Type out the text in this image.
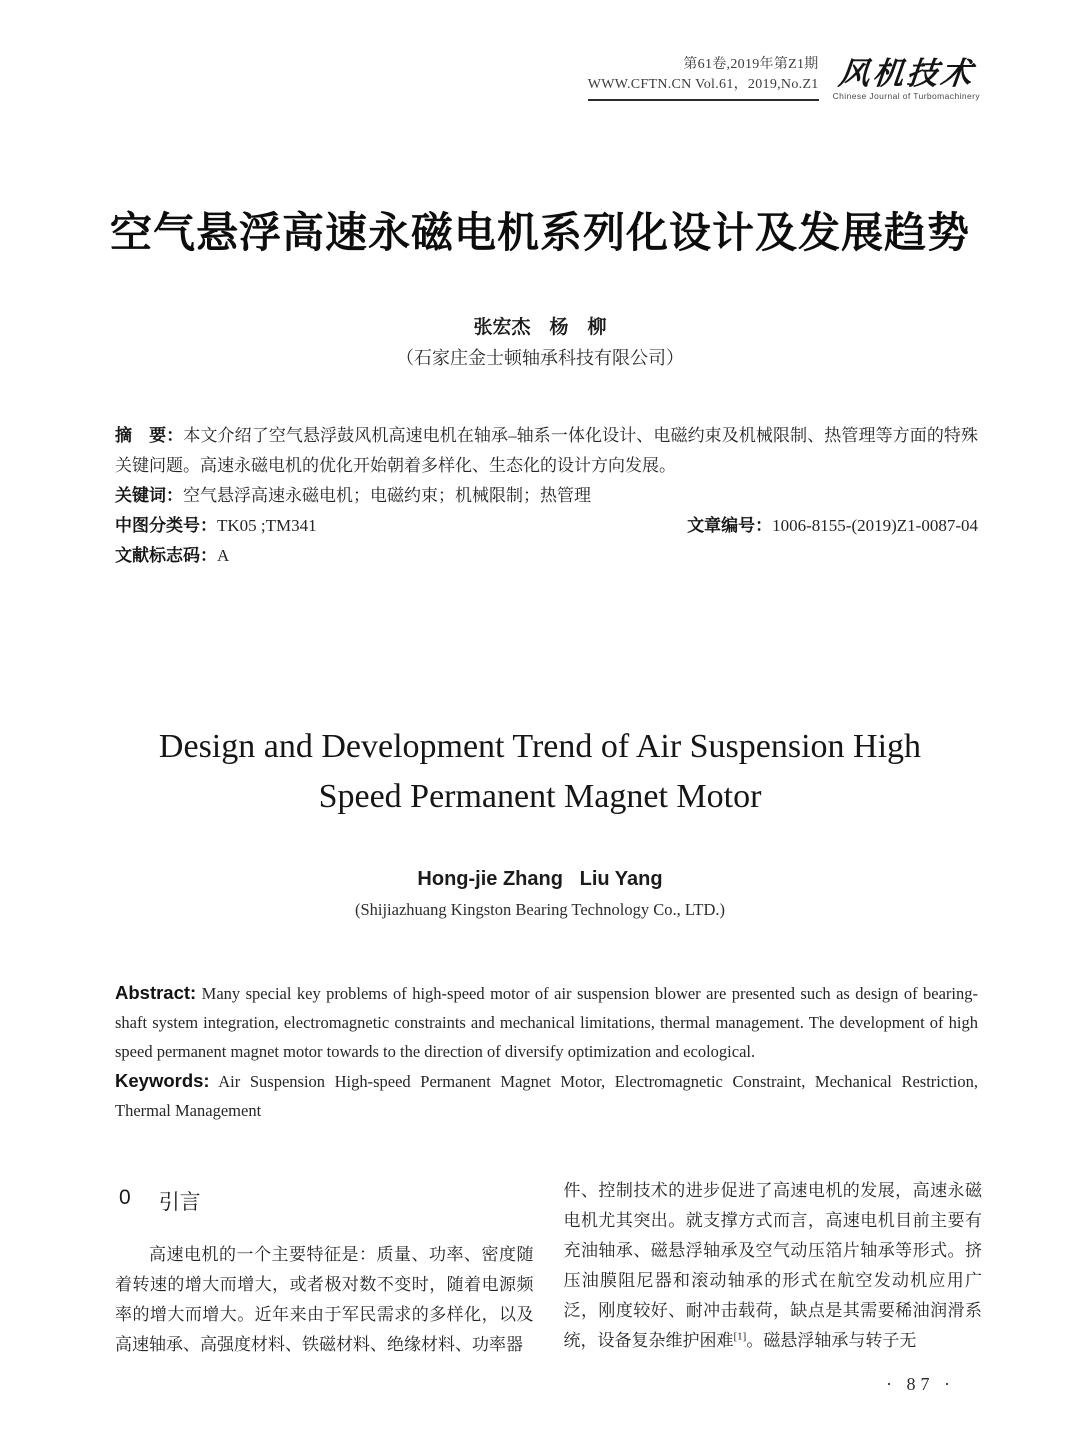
第61卷,2019年第Z1期
WWW.CFTN.CN Vol.61，2019,No.Z1 风机技术
Chinese Journal of Turbomachinery
空气悬浮高速永磁电机系列化设计及发展趋势
张宏杰　杨　柳
（石家庄金士顿轴承科技有限公司）

摘　要：本文介绍了空气悬浮鼓风机高速电机在轴承–轴系一体化设计、电磁约束及机械限制、热管理等方面的特殊关键问题。高速永磁电机的优化开始朝着多样化、生态化的设计方向发展。

关键词：空气悬浮高速永磁电机；电磁约束；机械限制；热管理

中图分类号：TK05 ;TM341	文章编号：1006-8155-(2019)Z1-0087-04

文献标志码：A

Design and Development Trend of Air Suspension High
Speed Permanent Magnet Motor
Hong-jie Zhang   Liu Yang
(Shijiazhuang Kingston Bearing Technology Co., LTD.)

Abstract: Many special key problems of high-speed motor of air suspension blower are presented such as design of bearing-shaft system integration, electromagnetic constraints and mechanical limitations, thermal management. The development of high speed permanent magnet motor towards to the direction of diversify optimization and ecological.

Keywords: Air Suspension High-speed Permanent Magnet Motor, Electromagnetic Constraint, Mechanical Restriction, Thermal Management

0 引言

高速电机的一个主要特征是：质量、功率、密度随着转速的增大而增大，或者极对数不变时，随着电源频率的增大而增大。近年来由于军民需求的多样化，以及高速轴承、高强度材料、铁磁材料、绝缘材料、功率器

件、控制技术的进步促进了高速电机的发展，高速永磁电机尤其突出。就支撑方式而言，高速电机目前主要有充油轴承、磁悬浮轴承及空气动压箔片轴承等形式。挤压油膜阻尼器和滚动轴承的形式在航空发动机应用广泛，刚度较好、耐冲击载荷，缺点是其需要稀油润滑系统，设备复杂维护困难[1]。磁悬浮轴承与转子无

· 87 ·
